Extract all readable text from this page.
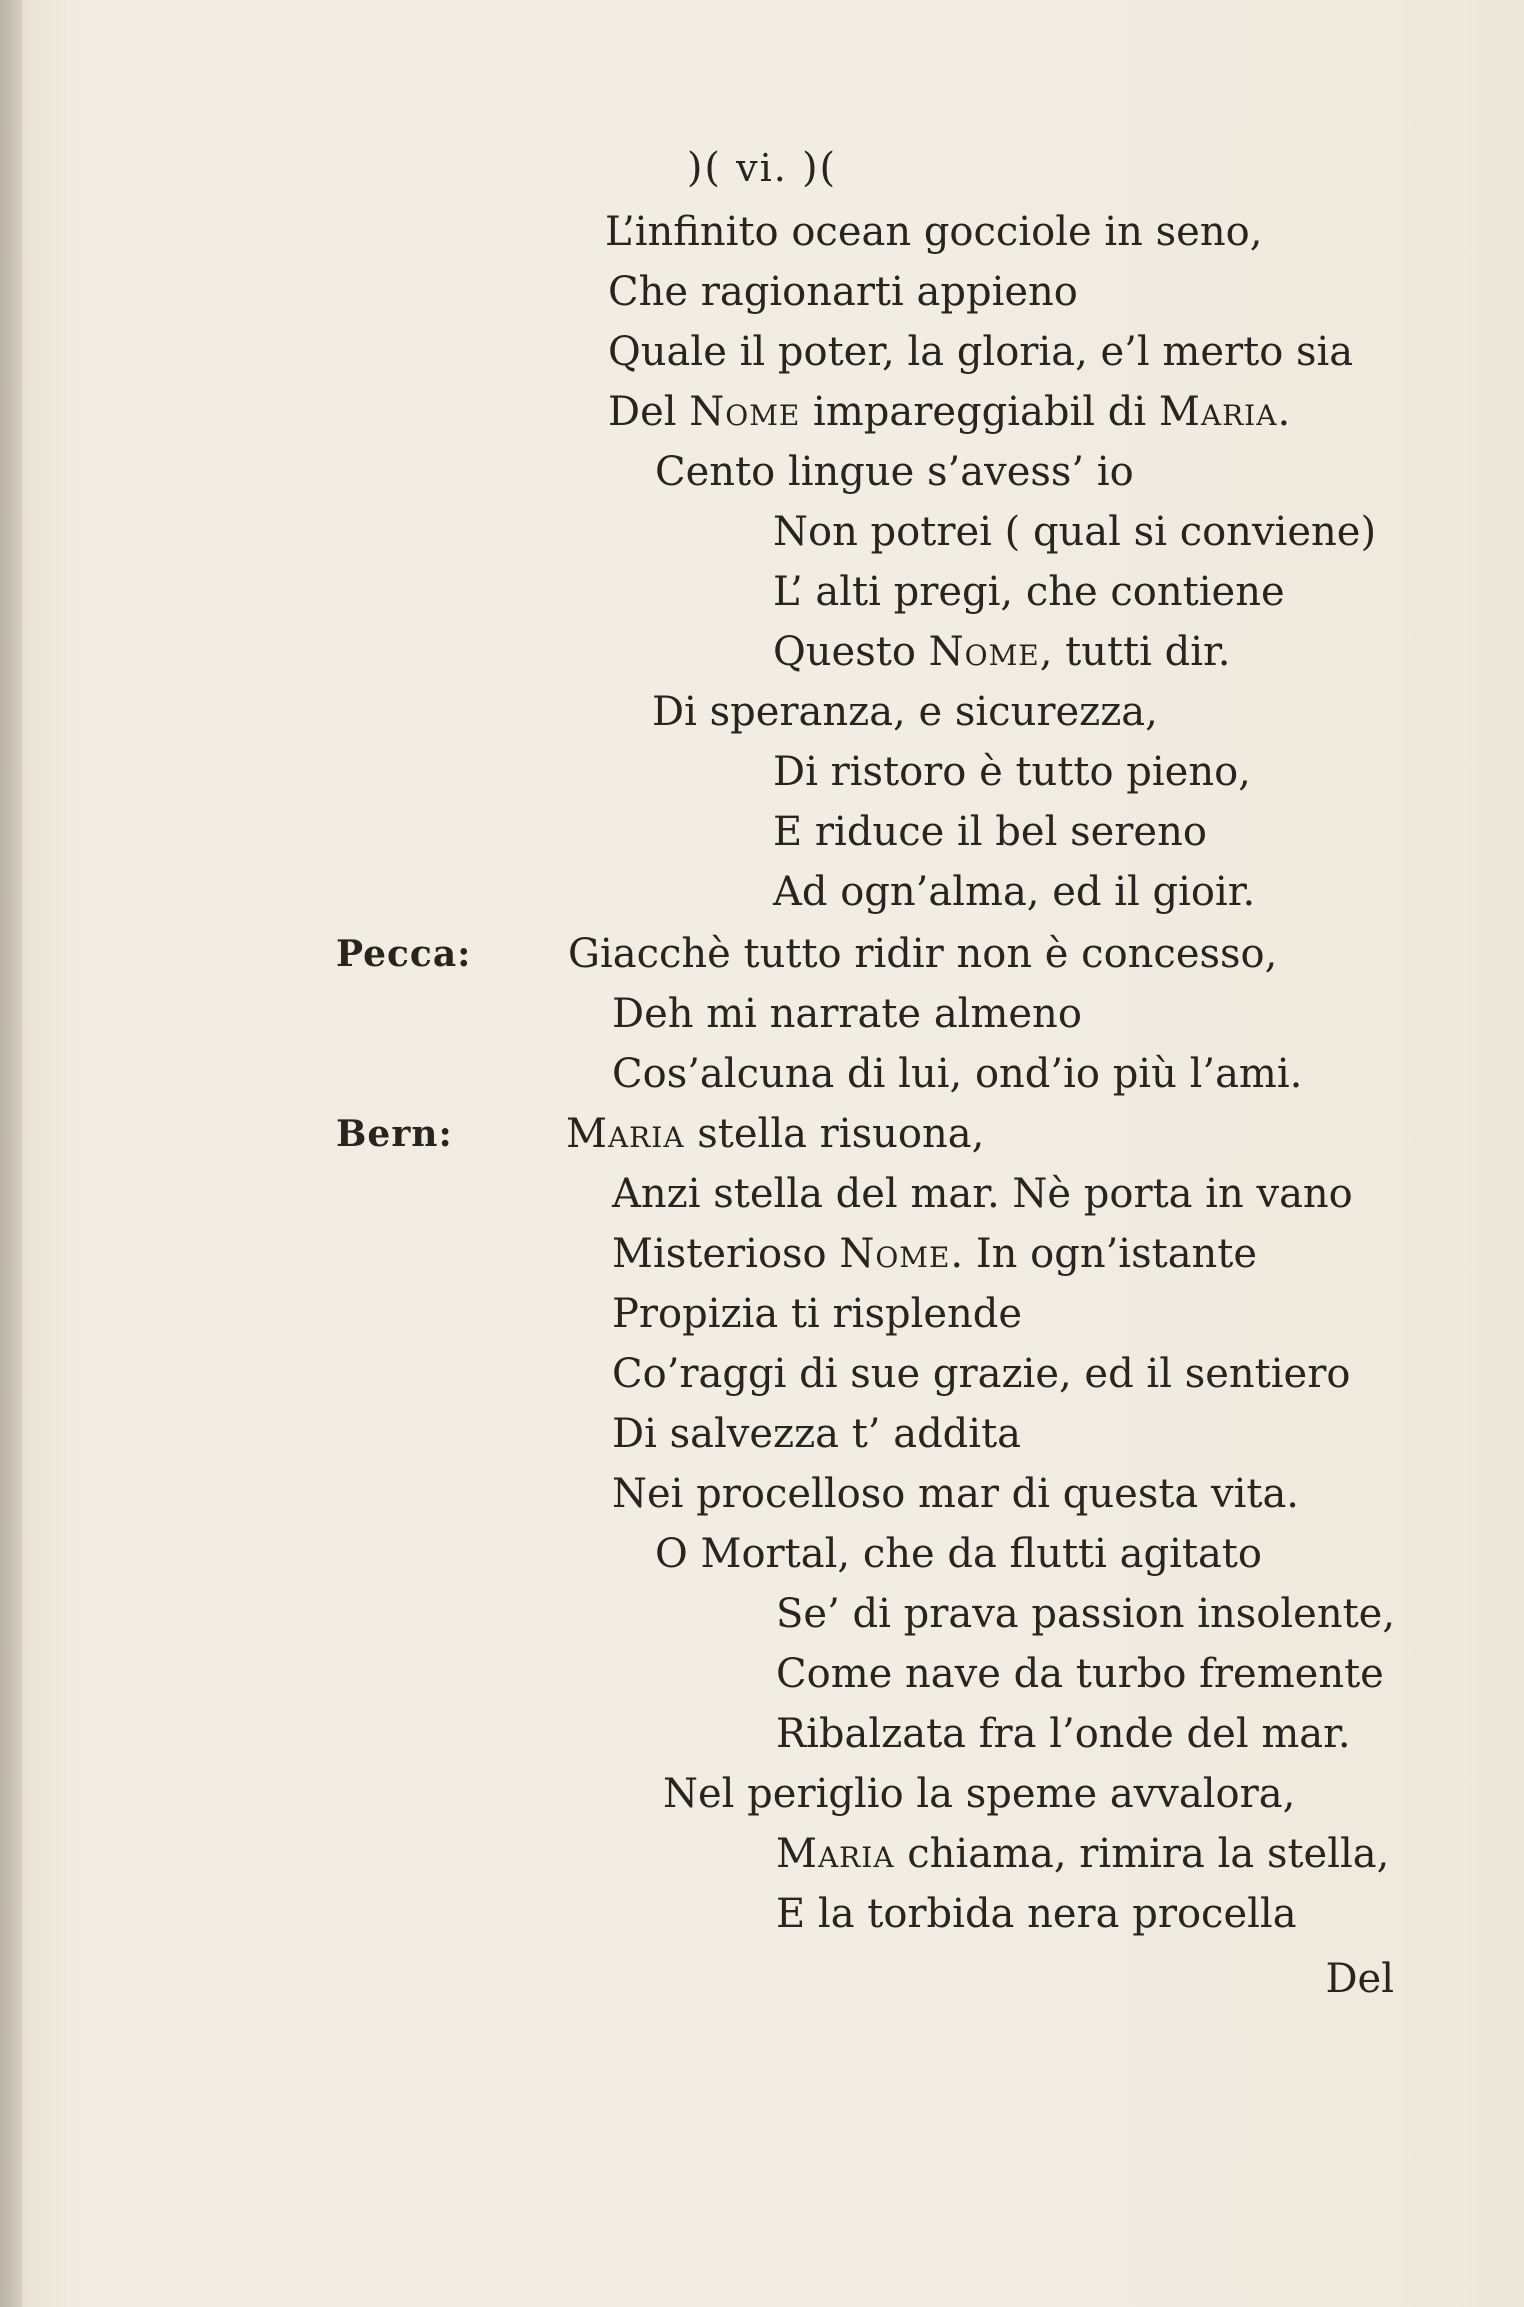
)( vi. )(
Pecca:
Bern:
L’infinito ocean gocciole in seno,
Che ragionarti appieno
Quale il poter, la gloria, e’l merto sia
Del Nome impareggiabil di Maria.
Cento lingue s’avess’ io
Non potrei ( qual si conviene)
L’ alti pregi, che contiene
Questo Nome, tutti dir.
Di speranza, e sicurezza,
Di ristoro è tutto pieno,
E riduce il bel sereno
Ad ogn’alma, ed il gioir.
Giacchè tutto ridir non è concesso,
Deh mi narrate almeno
Cos’alcuna di lui, ond’io più l’ami.
Maria stella risuona,
Anzi stella del mar. Nè porta in vano
Misterioso Nome. In ogn’istante
Propizia ti risplende
Co’raggi di sue grazie, ed il sentiero
Di salvezza t’ addita
Nei procelloso mar di questa vita.
O Mortal, che da flutti agitato
Se’ di prava passion insolente,
Come nave da turbo fremente
Ribalzata fra l’onde del mar.
Nel periglio la speme avvalora,
Maria chiama, rimira la stella,
E la torbida nera procella
Del
